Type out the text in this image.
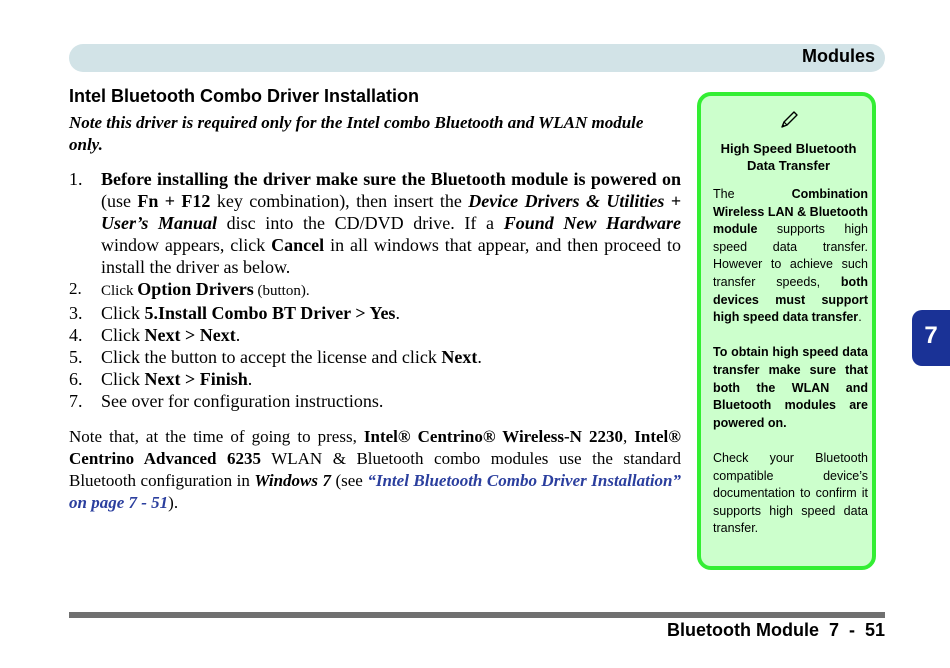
Modules
Intel Bluetooth Combo Driver Installation
Note this driver is required only for the Intel combo Bluetooth and WLAN module only.
1.	Before installing the driver make sure the Bluetooth module is powered on (use Fn + F12 key combination), then insert the Device Drivers & Utilities + User’s Manual disc into the CD/DVD drive. If a Found New Hardware window appears, click Cancel in all windows that appear, and then proceed to install the driver as below.
2.	Click Option Drivers (button).
3.	Click 5.Install Combo BT Driver > Yes.
4.	Click Next > Next.
5.	Click the button to accept the license and click Next.
6.	Click Next > Finish.
7.	See over for configuration instructions.
Note that, at the time of going to press, Intel® Centrino® Wireless-N 2230, Intel® Centrino Advanced 6235 WLAN & Bluetooth combo modules use the standard Bluetooth configuration in Windows 7 (see “Intel Bluetooth Combo Driver Installation” on page 7 - 51).
High Speed Bluetooth Data Transfer

The Combination Wireless LAN & Bluetooth module supports high speed data transfer. However to achieve such transfer speeds, both devices must support high speed data transfer.

To obtain high speed data transfer make sure that both the WLAN and Bluetooth modules are powered on.

Check your Bluetooth compatible device’s documentation to confirm it supports high speed data transfer.

7
Bluetooth Module  7  -  51
